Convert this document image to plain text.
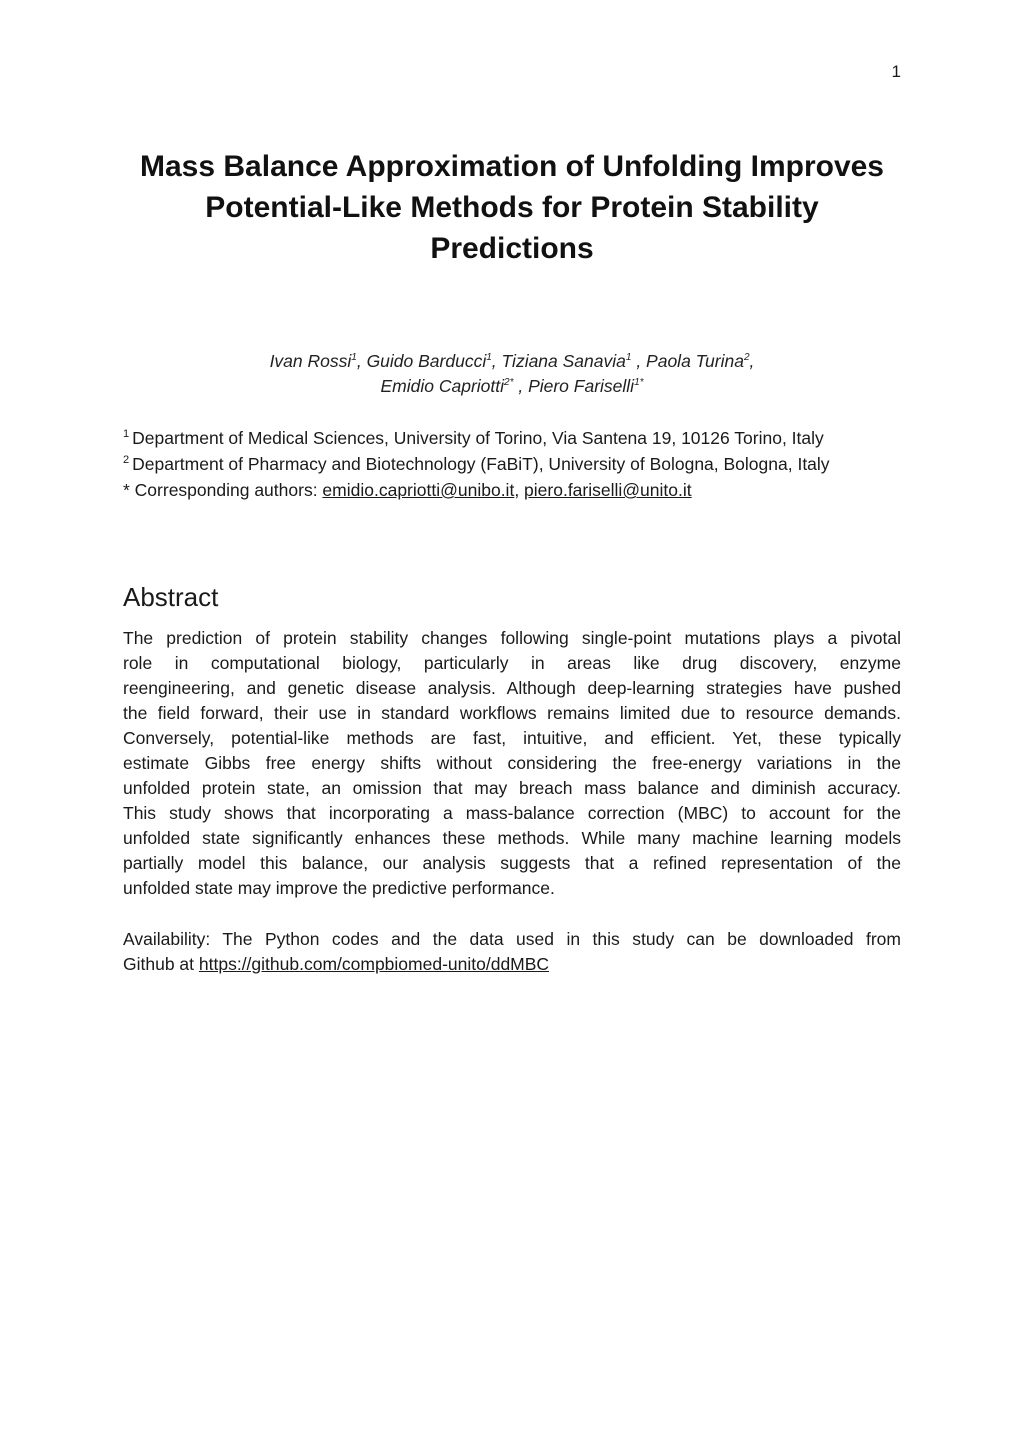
1
Mass Balance Approximation of Unfolding Improves
Potential-Like Methods for Protein Stability
Predictions
Ivan Rossi$^1$, Guido Barducci$^1$, Tiziana Sanavia$^1$ , Paola Turina$^2$,
Emidio Capriotti$^{2*}$ , Piero Fariselli$^{1*}$
$^1$ Department of Medical Sciences, University of Torino, Via Santena 19, 10126 Torino, Italy
$^2$ Department of Pharmacy and Biotechnology (FaBiT), University of Bologna, Bologna, Italy
* Corresponding authors: emidio.capriotti@unibo.it, piero.fariselli@unito.it
Abstract
The prediction of protein stability changes following single-point mutations plays a pivotal
role in computational biology, particularly in areas like drug discovery, enzyme
reengineering, and genetic disease analysis. Although deep-learning strategies have pushed
the field forward, their use in standard workflows remains limited due to resource demands.
Conversely, potential-like methods are fast, intuitive, and efficient. Yet, these typically
estimate Gibbs free energy shifts without considering the free-energy variations in the
unfolded protein state, an omission that may breach mass balance and diminish accuracy.
This study shows that incorporating a mass-balance correction (MBC) to account for the
unfolded state significantly enhances these methods. While many machine learning models
partially model this balance, our analysis suggests that a refined representation of the
unfolded state may improve the predictive performance.
Availability: The Python codes and the data used in this study can be downloaded from
Github at https://github.com/compbiomed-unito/ddMBC
